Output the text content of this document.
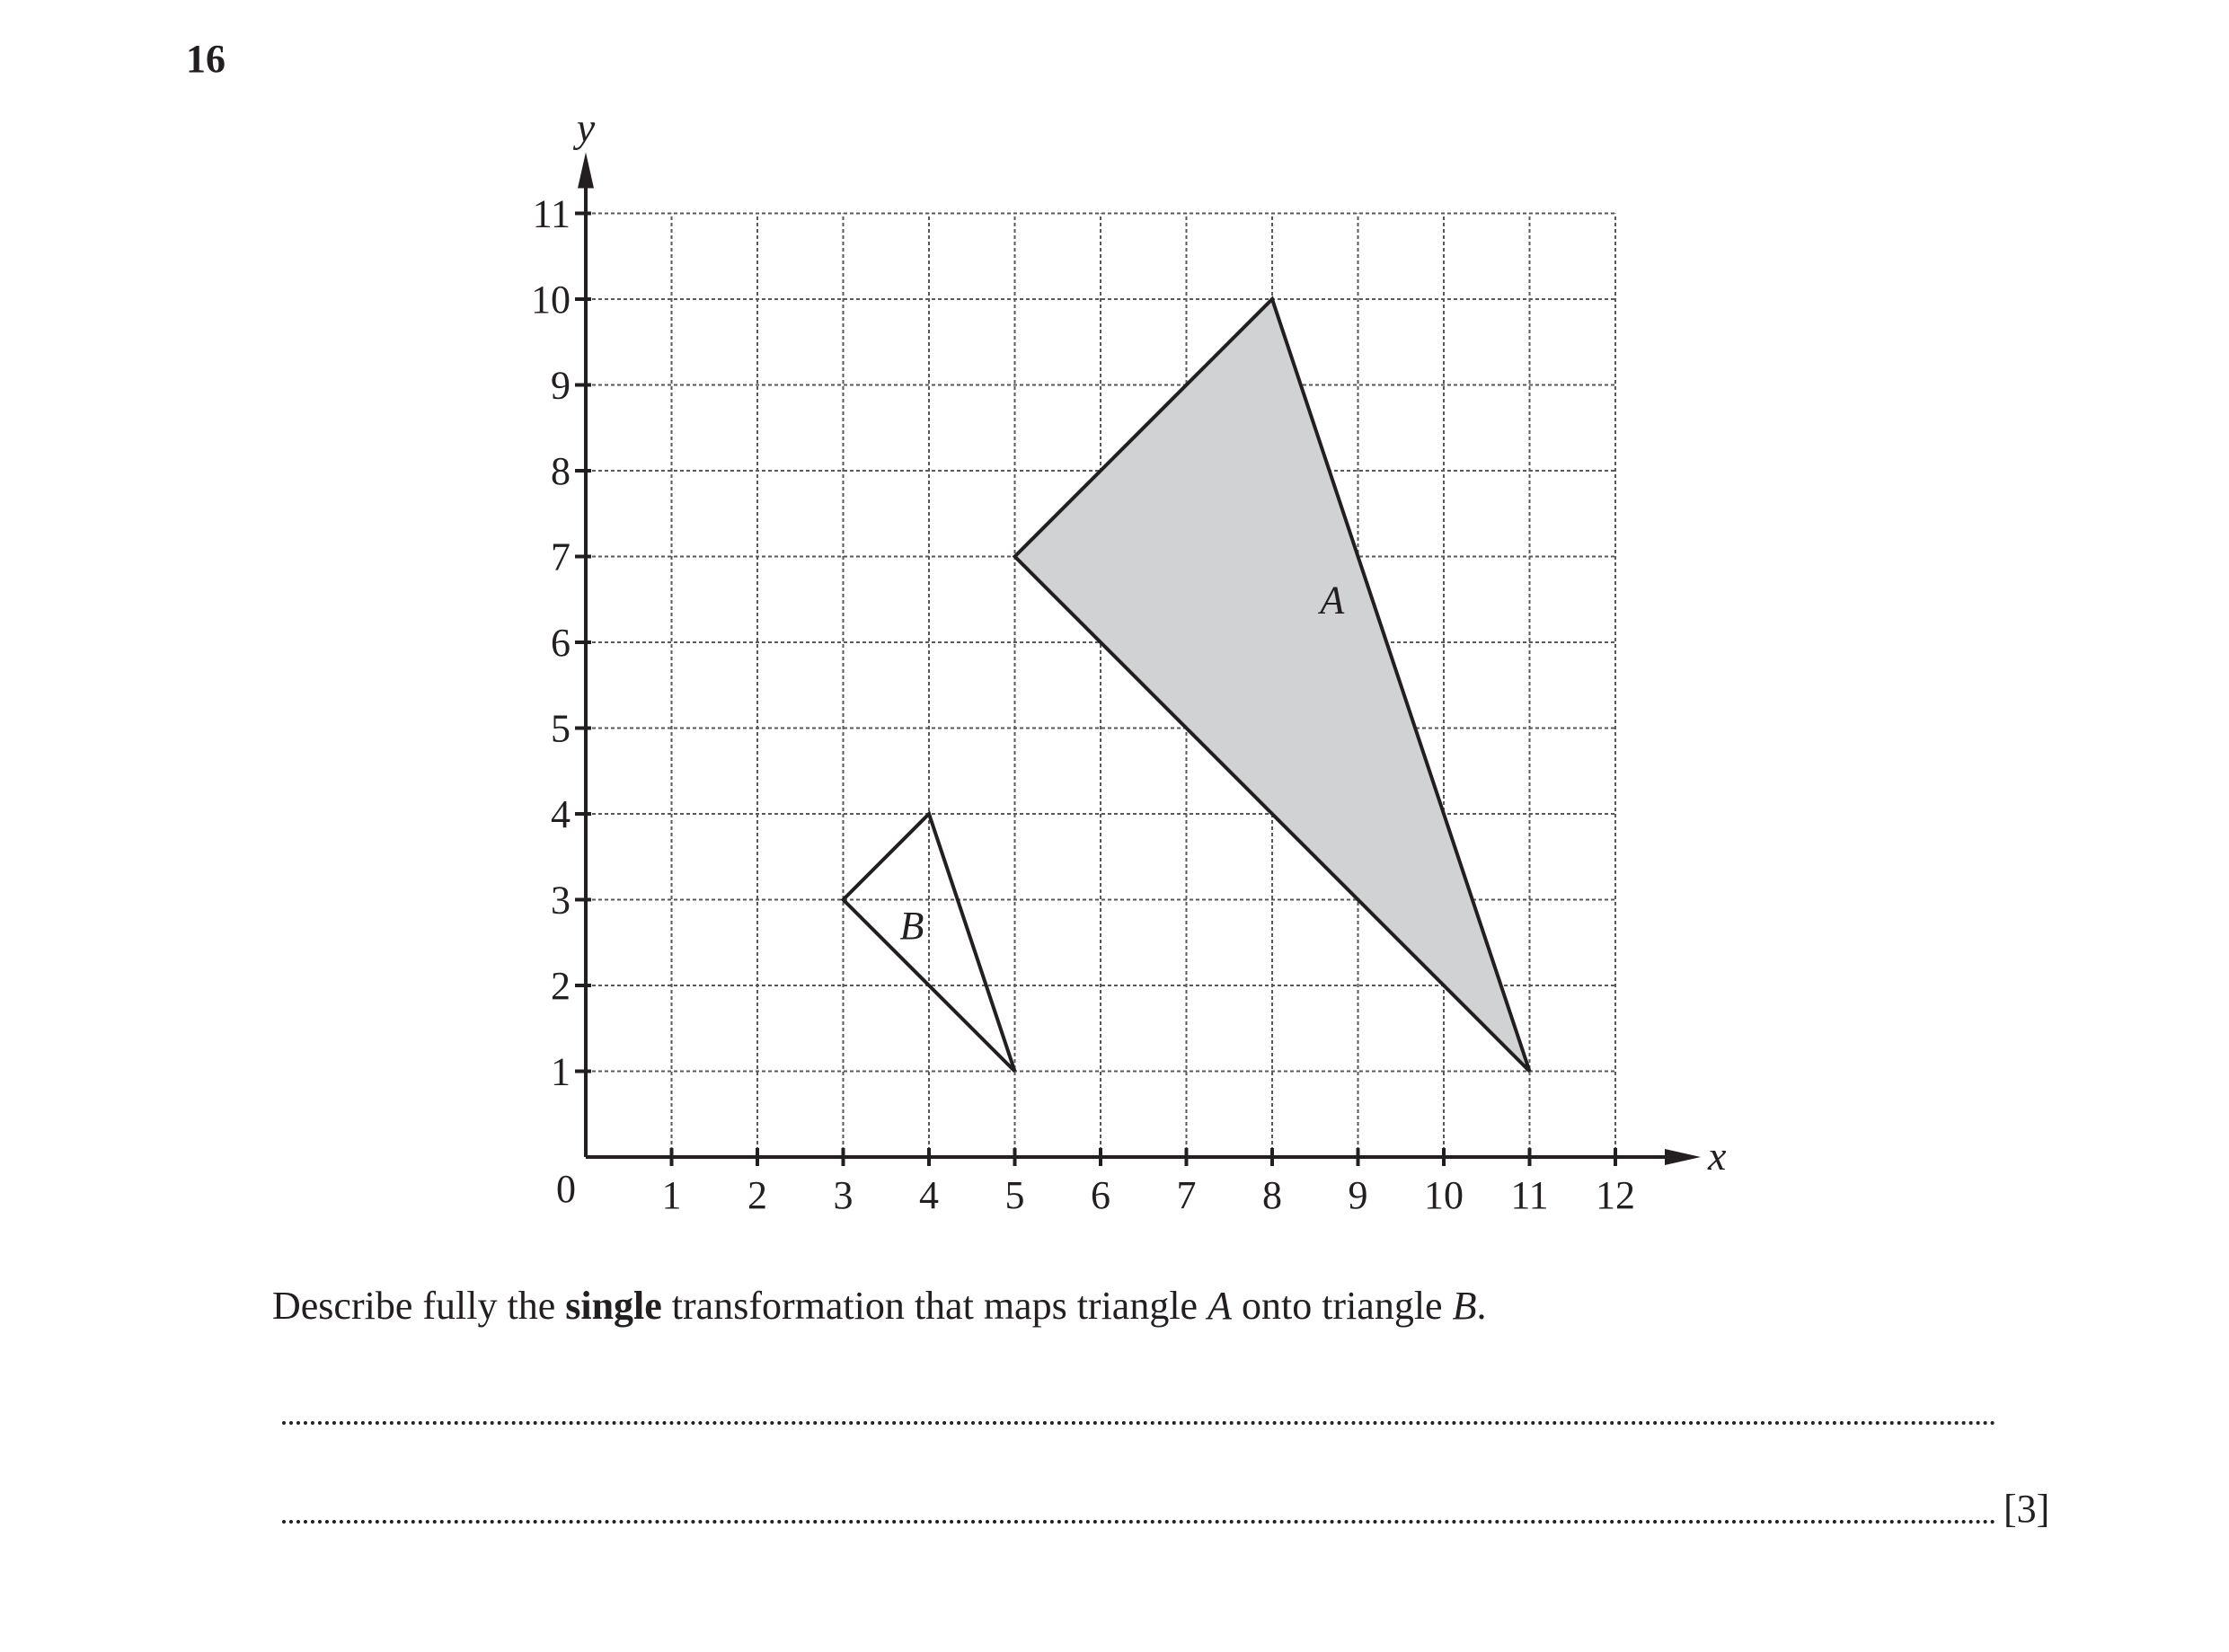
16
1 2 3 4 5 6 7 8 9 10 11 12
1
2
3
4
5
6
7
8
9
10
11
0
x
y
A
B
Describe fully the single transformation that maps triangle A onto triangle B.
[3]
